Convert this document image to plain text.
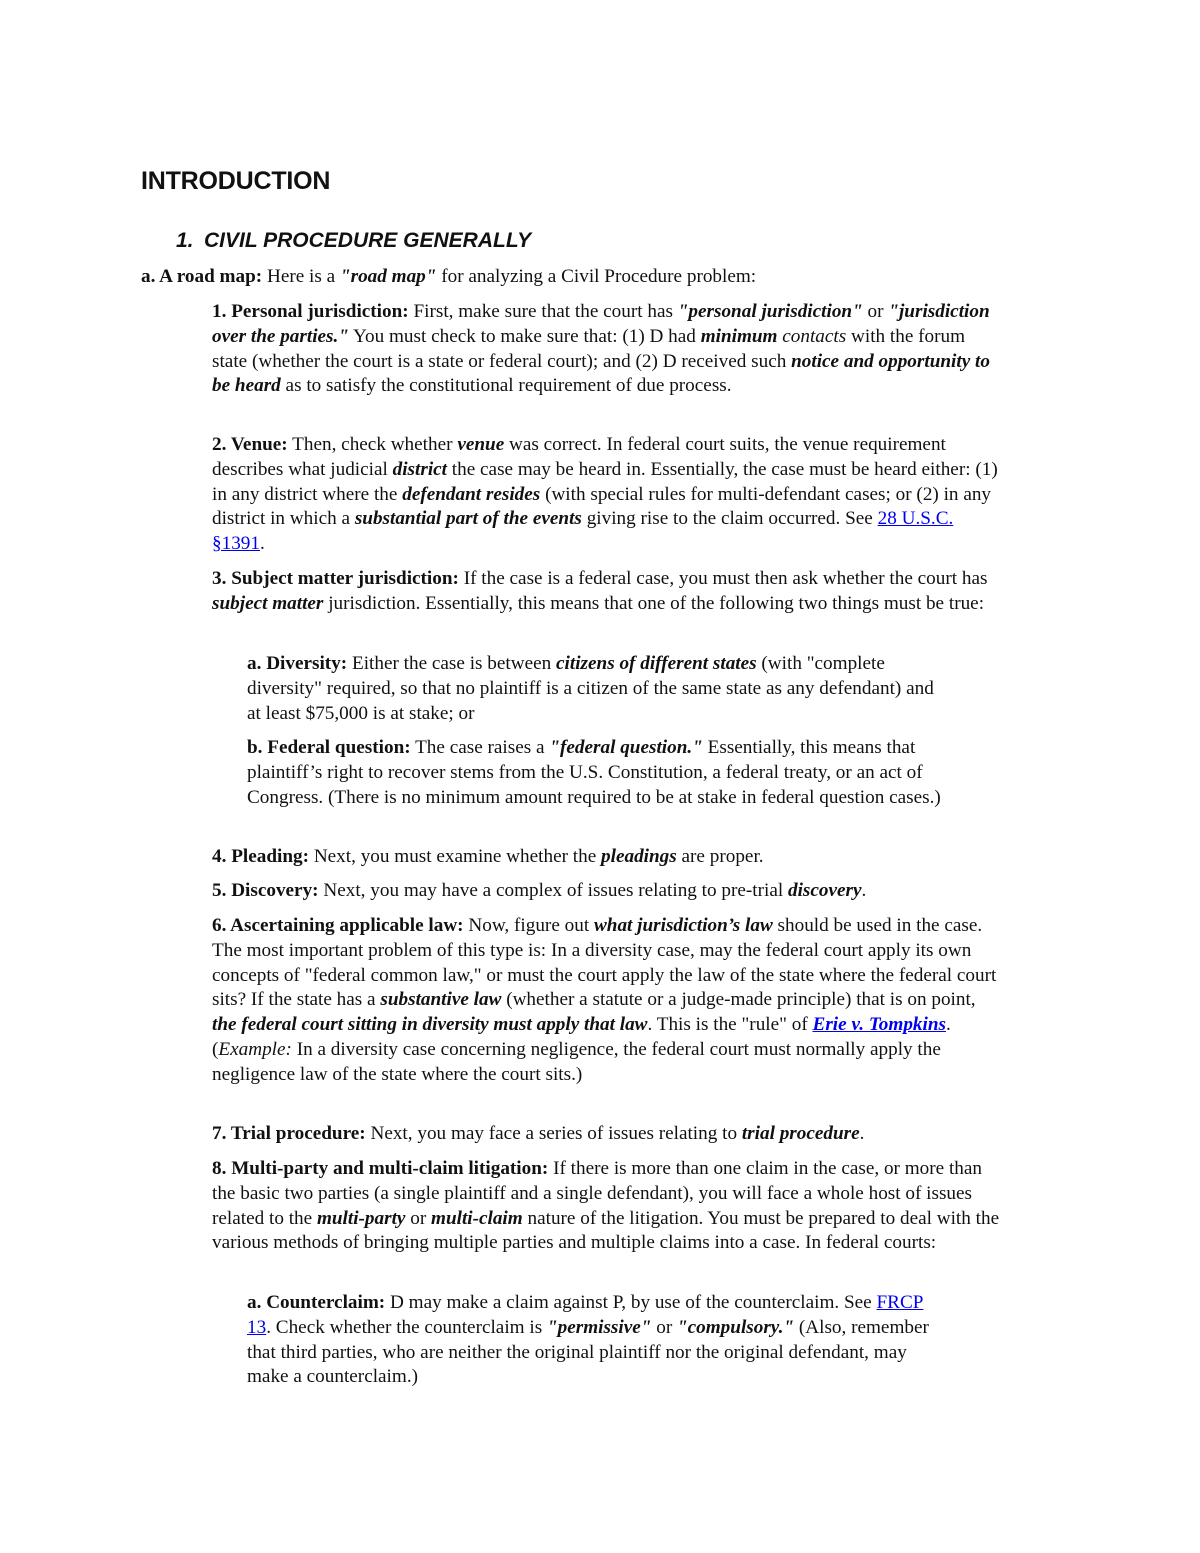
INTRODUCTION
1. CIVIL PROCEDURE GENERALLY

a. A road map: Here is a "road map" for analyzing a Civil Procedure problem:

1. Personal jurisdiction: First, make sure that the court has "personal jurisdiction" or "jurisdiction over the parties." You must check to make sure that: (1) D had minimum contacts with the forum state (whether the court is a state or federal court); and (2) D received such notice and opportunity to be heard as to satisfy the constitutional requirement of due process.

2. Venue: Then, check whether venue was correct. In federal court suits, the venue requirement describes what judicial district the case may be heard in. Essentially, the case must be heard either: (1) in any district where the defendant resides (with special rules for multi-defendant cases; or (2) in any district in which a substantial part of the events giving rise to the claim occurred. See 28 U.S.C. §1391.

3. Subject matter jurisdiction: If the case is a federal case, you must then ask whether the court has subject matter jurisdiction. Essentially, this means that one of the following two things must be true:

a. Diversity: Either the case is between citizens of different states (with "complete diversity" required, so that no plaintiff is a citizen of the same state as any defendant) and at least $75,000 is at stake; or

b. Federal question: The case raises a "federal question." Essentially, this means that plaintiff’s right to recover stems from the U.S. Constitution, a federal treaty, or an act of Congress. (There is no minimum amount required to be at stake in federal question cases.)

4. Pleading: Next, you must examine whether the pleadings are proper.

5. Discovery: Next, you may have a complex of issues relating to pre-trial discovery.

6. Ascertaining applicable law: Now, figure out what jurisdiction’s law should be used in the case. The most important problem of this type is: In a diversity case, may the federal court apply its own concepts of "federal common law," or must the court apply the law of the state where the federal court sits? If the state has a substantive law (whether a statute or a judge-made principle) that is on point, the federal court sitting in diversity must apply that law. This is the "rule" of Erie v. Tompkins. (Example: In a diversity case concerning negligence, the federal court must normally apply the negligence law of the state where the court sits.)

7. Trial procedure: Next, you may face a series of issues relating to trial procedure.

8. Multi-party and multi-claim litigation: If there is more than one claim in the case, or more than the basic two parties (a single plaintiff and a single defendant), you will face a whole host of issues related to the multi-party or multi-claim nature of the litigation. You must be prepared to deal with the various methods of bringing multiple parties and multiple claims into a case. In federal courts:

a. Counterclaim: D may make a claim against P, by use of the counterclaim. See FRCP 13. Check whether the counterclaim is "permissive" or "compulsory." (Also, remember that third parties, who are neither the original plaintiff nor the original defendant, may make a counterclaim.)
